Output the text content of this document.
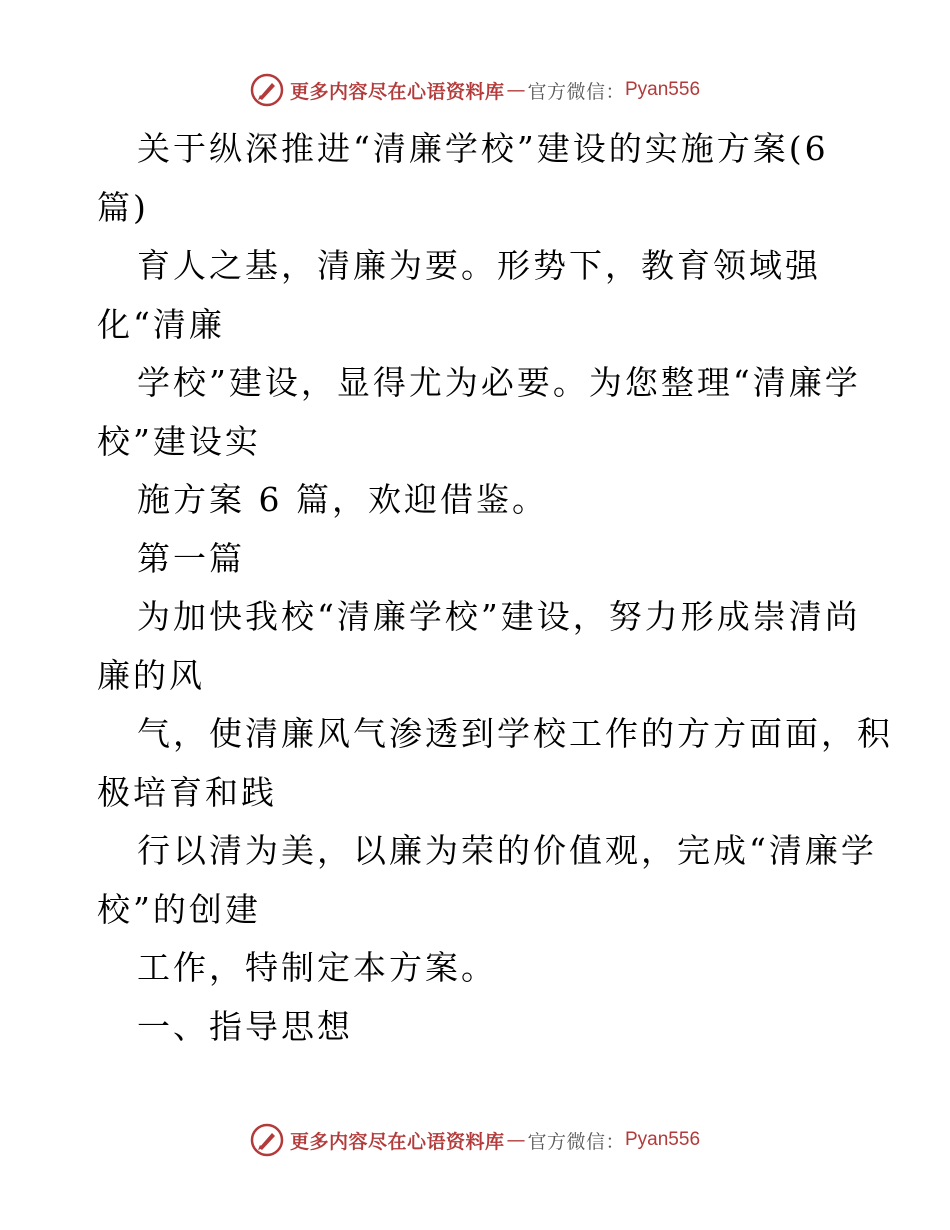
更多内容尽在心语资料库 — 官方微信： Pyan556
关于纵深推进“清廉学校”建设的实施方案(6
篇)
育人之基，清廉为要。形势下，教育领域强
化“清廉
学校”建设，显得尤为必要。为您整理“清廉学
校”建设实
施方案 6 篇，欢迎借鉴。
第一篇
为加快我校“清廉学校”建设，努力形成崇清尚
廉的风
气，使清廉风气渗透到学校工作的方方面面，积
极培育和践
行以清为美，以廉为荣的价值观，完成“清廉学
校”的创建
工作，特制定本方案。
一、指导思想
更多内容尽在心语资料库 — 官方微信： Pyan556
